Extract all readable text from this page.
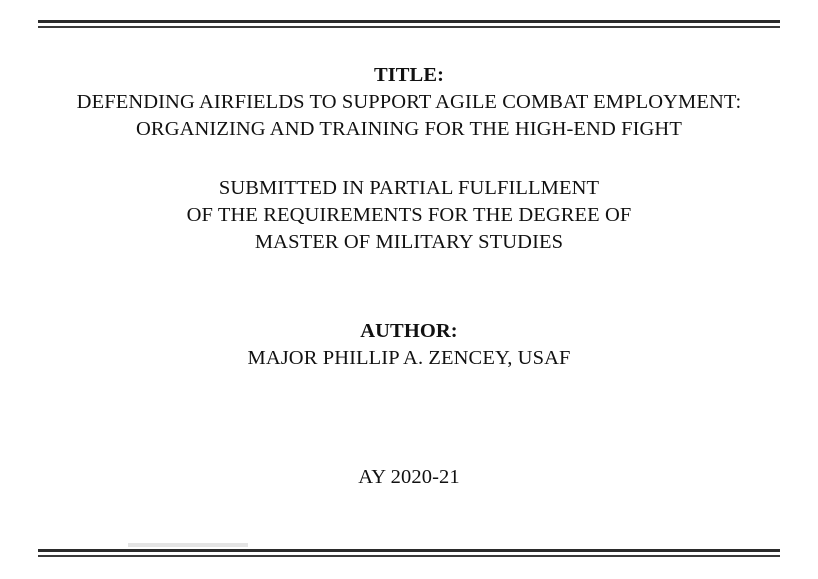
TITLE:
DEFENDING AIRFIELDS TO SUPPORT AGILE COMBAT EMPLOYMENT:
ORGANIZING AND TRAINING FOR THE HIGH-END FIGHT
SUBMITTED IN PARTIAL FULFILLMENT
OF THE REQUIREMENTS FOR THE DEGREE OF
MASTER OF MILITARY STUDIES
AUTHOR:
MAJOR PHILLIP A. ZENCEY, USAF
AY 2020-21
